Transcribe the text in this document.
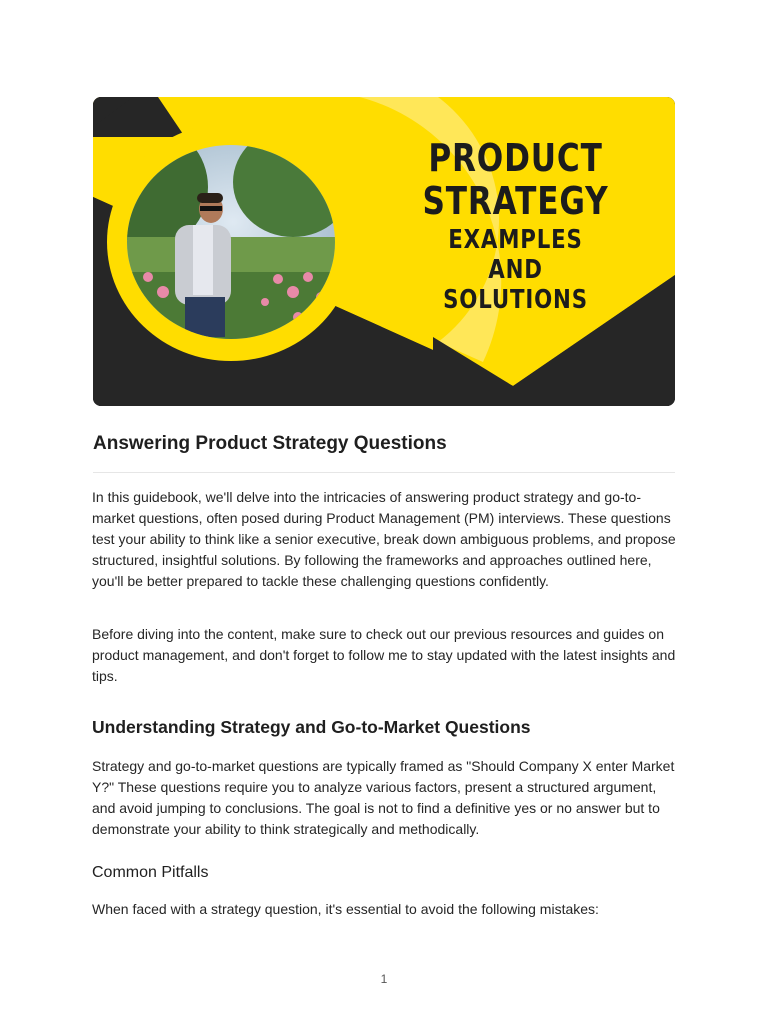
PRODUCT
STRATEGY
EXAMPLES
AND
SOLUTIONS
Answering Product Strategy Questions

In this guidebook, we'll delve into the intricacies of answering product strategy and go-to-market questions, often posed during Product Management (PM) interviews. These questions test your ability to think like a senior executive, break down ambiguous problems, and propose structured, insightful solutions. By following the frameworks and approaches outlined here, you'll be better prepared to tackle these challenging questions confidently.

Before diving into the content, make sure to check out our previous resources and guides on product management, and don't forget to follow me to stay updated with the latest insights and tips.

Understanding Strategy and Go-to-Market Questions

Strategy and go-to-market questions are typically framed as "Should Company X enter Market Y?" These questions require you to analyze various factors, present a structured argument, and avoid jumping to conclusions. The goal is not to find a definitive yes or no answer but to demonstrate your ability to think strategically and methodically.

Common Pitfalls

When faced with a strategy question, it's essential to avoid the following mistakes:

1
